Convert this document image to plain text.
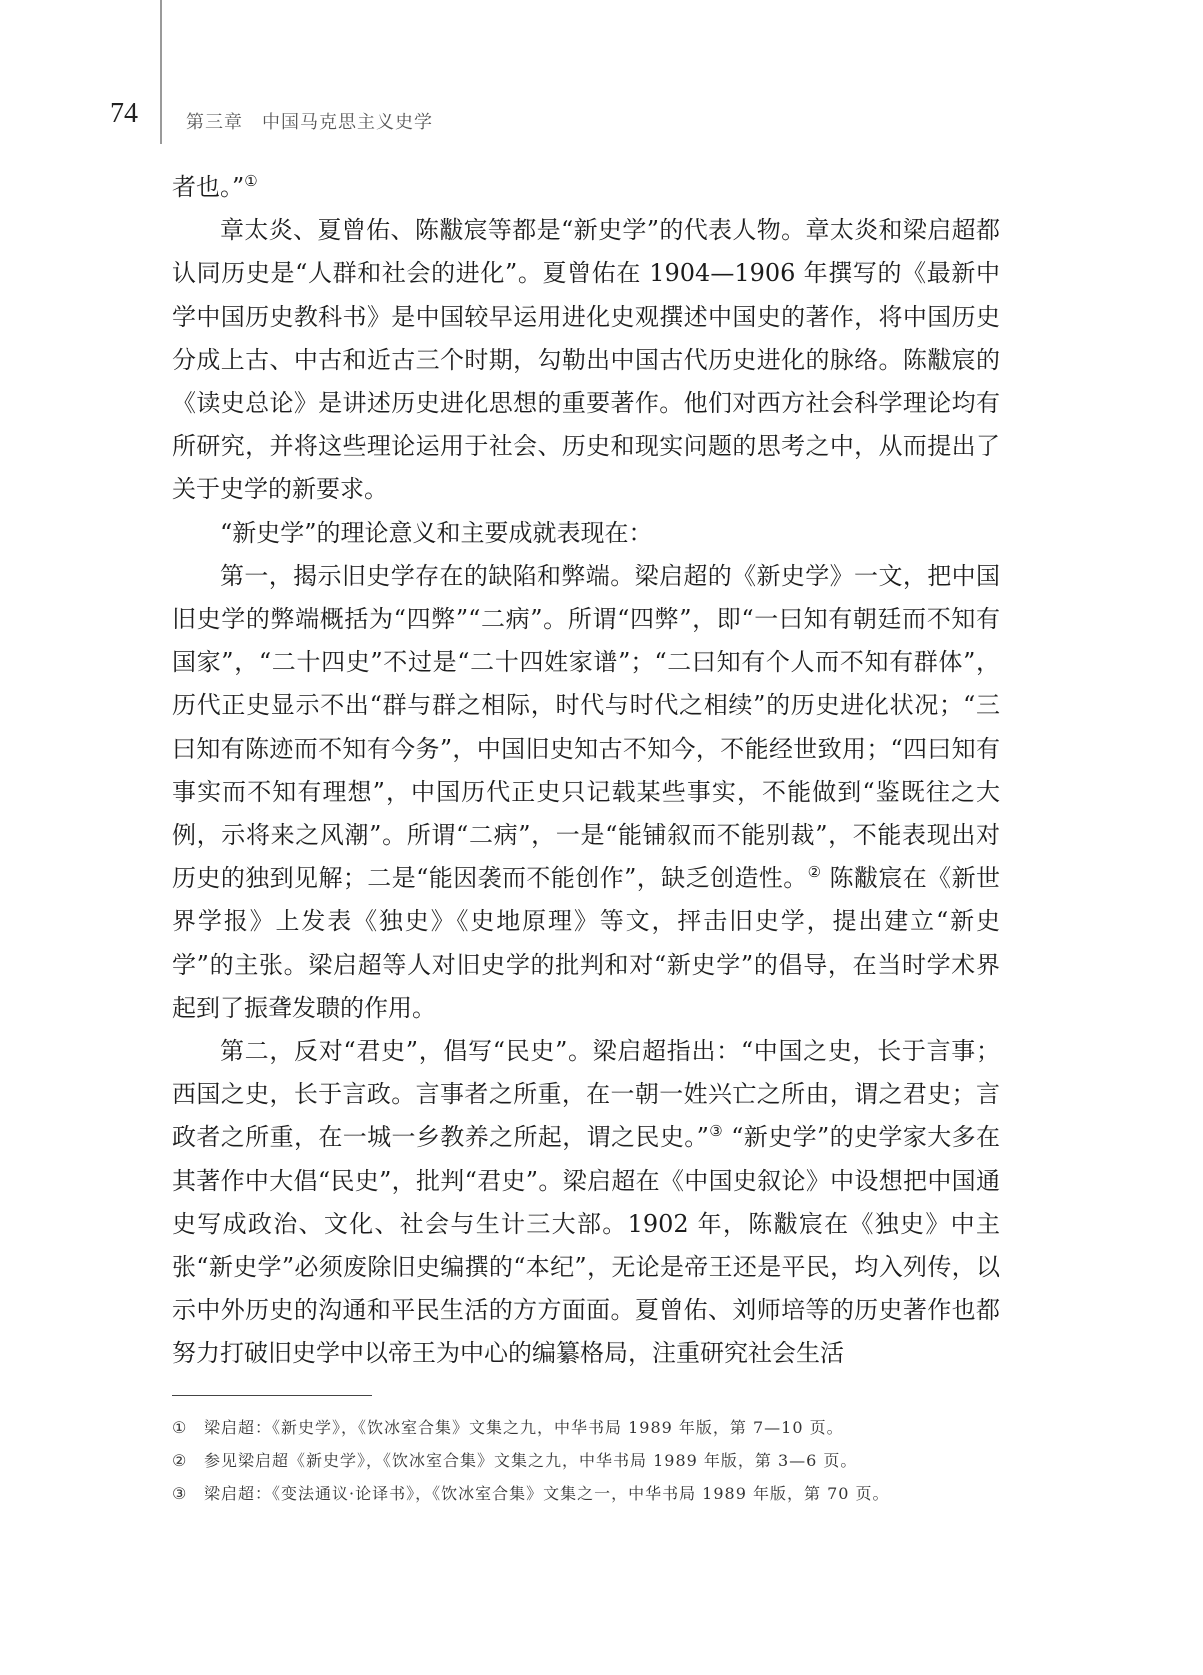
74	第三章　中国马克思主义史学

者也。”①

章太炎、夏曾佑、陈黻宸等都是“新史学”的代表人物。章太炎和梁启超都认同历史是“人群和社会的进化”。夏曾佑在 1904—1906 年撰写的《最新中学中国历史教科书》是中国较早运用进化史观撰述中国史的著作，将中国历史分成上古、中古和近古三个时期，勾勒出中国古代历史进化的脉络。陈黻宸的《读史总论》是讲述历史进化思想的重要著作。他们对西方社会科学理论均有所研究，并将这些理论运用于社会、历史和现实问题的思考之中，从而提出了关于史学的新要求。

“新史学”的理论意义和主要成就表现在：

第一，揭示旧史学存在的缺陷和弊端。梁启超的《新史学》一文，把中国旧史学的弊端概括为“四弊”“二病”。所谓“四弊”，即“一曰知有朝廷而不知有国家”，“二十四史”不过是“二十四姓家谱”；“二曰知有个人而不知有群体”，历代正史显示不出“群与群之相际，时代与时代之相续”的历史进化状况；“三曰知有陈迹而不知有今务”，中国旧史知古不知今，不能经世致用；“四曰知有事实而不知有理想”，中国历代正史只记载某些事实，不能做到“鉴既往之大例，示将来之风潮”。所谓“二病”，一是“能铺叙而不能别裁”，不能表现出对历史的独到见解；二是“能因袭而不能创作”，缺乏创造性。② 陈黻宸在《新世界学报》上发表《独史》《史地原理》等文，抨击旧史学，提出建立“新史学”的主张。梁启超等人对旧史学的批判和对“新史学”的倡导，在当时学术界起到了振聋发聩的作用。

第二，反对“君史”，倡写“民史”。梁启超指出：“中国之史，长于言事；西国之史，长于言政。言事者之所重，在一朝一姓兴亡之所由，谓之君史；言政者之所重，在一城一乡教养之所起，谓之民史。”③ “新史学”的史学家大多在其著作中大倡“民史”，批判“君史”。梁启超在《中国史叙论》中设想把中国通史写成政治、文化、社会与生计三大部。1902 年，陈黻宸在《独史》中主张“新史学”必须废除旧史编撰的“本纪”，无论是帝王还是平民，均入列传，以示中外历史的沟通和平民生活的方方面面。夏曾佑、刘师培等的历史著作也都努力打破旧史学中以帝王为中心的编纂格局，注重研究社会生活

①	梁启超：《新史学》，《饮冰室合集》文集之九，中华书局 1989 年版，第 7—10 页。
②	参见梁启超《新史学》，《饮冰室合集》文集之九，中华书局 1989 年版，第 3—6 页。
③	梁启超：《变法通议·论译书》，《饮冰室合集》文集之一，中华书局 1989 年版，第 70 页。
